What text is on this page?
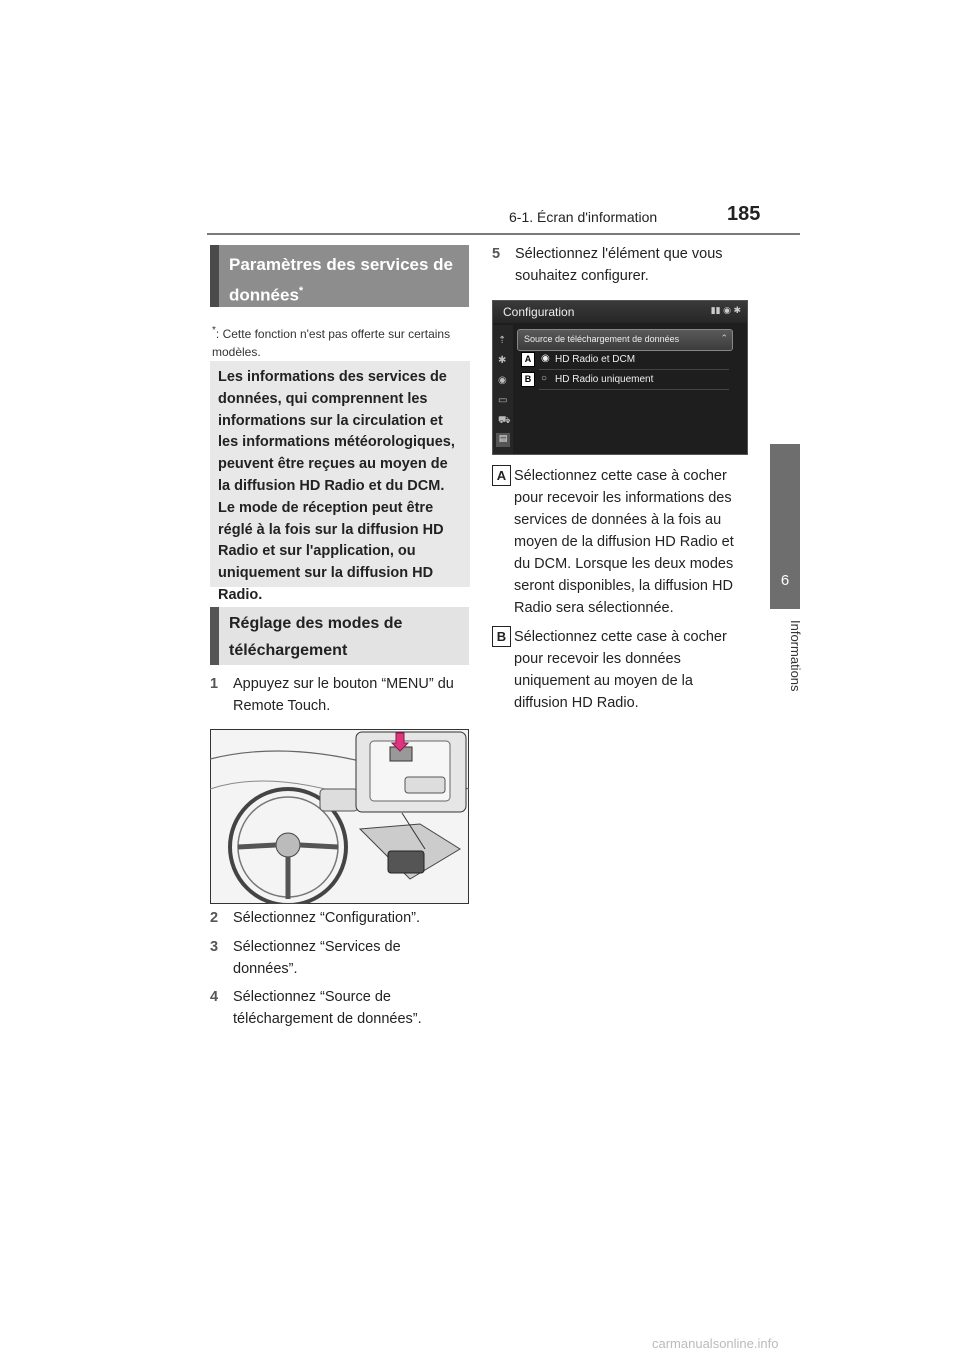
6-1. Écran d'information	185
6
Informations
Paramètres des services de données*
*: Cette fonction n'est pas offerte sur certains modèles.
Les informations des services de données, qui comprennent les informations sur la circulation et les informations météorologiques, peuvent être reçues au moyen de la diffusion HD Radio et du DCM. Le mode de réception peut être réglé à la fois sur la diffusion HD Radio et sur l'application, ou uniquement sur la diffusion HD Radio.
Réglage des modes de téléchargement
1	Appuyez sur le bouton “MENU” du Remote Touch.
2	Sélectionnez “Configuration”.
3	Sélectionnez “Services de données”.
4	Sélectionnez “Source de téléchargement de données”.
5	Sélectionnez l'élément que vous souhaitez configurer.
Configuration	▮▮ ◉ ✱
⇡
✱
◉
▭
⛟
▤
Source de téléchargement de données	⌃
◉ HD Radio et DCM
○ HD Radio uniquement
A
B
A Sélectionnez cette case à cocher pour recevoir les informations des services de données à la fois au moyen de la diffusion HD Radio et du DCM. Lorsque les deux modes seront disponibles, la diffusion HD Radio sera sélectionnée.
B Sélectionnez cette case à cocher pour recevoir les données uniquement au moyen de la diffusion HD Radio.
carmanualsonline.info
